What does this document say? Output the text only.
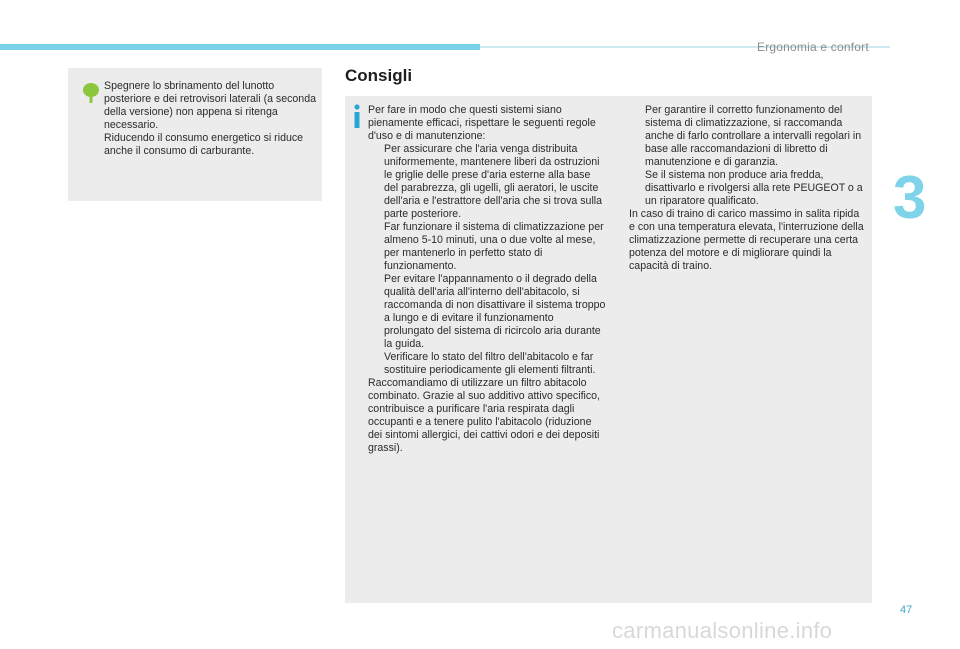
Ergonomia e confort
3

Spegnere lo sbrinamento del lunotto posteriore e dei retrovisori laterali (a seconda della versione) non appena si ritenga necessario.

Riducendo il consumo energetico si riduce anche il consumo di carburante.

Consigli

Per fare in modo che questi sistemi siano pienamente efficaci, rispettare le seguenti regole d'uso e di manutenzione:

Per assicurare che l'aria venga distribuita uniformemente, mantenere liberi da ostruzioni le griglie delle prese d'aria esterne alla base del parabrezza, gli ugelli, gli aeratori, le uscite dell'aria e l'estrattore dell'aria che si trova sulla parte posteriore.
Far funzionare il sistema di climatizzazione per almeno 5-10 minuti, una o due volte al mese, per mantenerlo in perfetto stato di funzionamento.
Per evitare l'appannamento o il degrado della qualità dell'aria all'interno dell'abitacolo, si raccomanda di non disattivare il sistema troppo a lungo e di evitare il funzionamento prolungato del sistema di ricircolo aria durante la guida.
Verificare lo stato del filtro dell'abitacolo e far sostituire periodicamente gli elementi filtranti.

Raccomandiamo di utilizzare un filtro abitacolo combinato. Grazie al suo additivo attivo specifico, contribuisce a purificare l'aria respirata dagli occupanti e a tenere pulito l'abitacolo (riduzione dei sintomi allergici, dei cattivi odori e dei depositi grassi).

Per garantire il corretto funzionamento del sistema di climatizzazione, si raccomanda anche di farlo controllare a intervalli regolari in base alle raccomandazioni di libretto di manutenzione e di garanzia.
Se il sistema non produce aria fredda, disattivarlo e rivolgersi alla rete PEUGEOT o a un riparatore qualificato.

In caso di traino di carico massimo in salita ripida e con una temperatura elevata, l'interruzione della climatizzazione permette di recuperare una certa potenza del motore e di migliorare quindi la capacità di traino.

47
carmanualsonline.info
